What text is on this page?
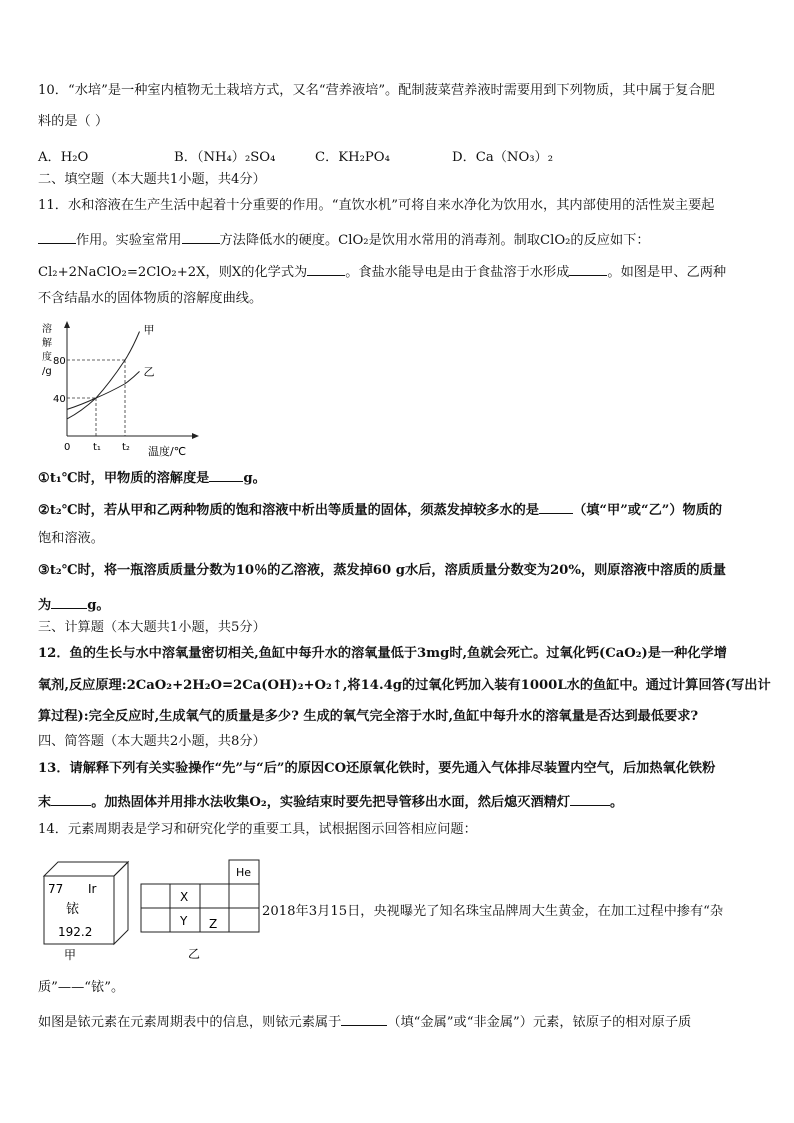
10．“水培”是一种室内植物无土栽培方式，又名“营养液培”。配制菠菜营养液时需要用到下列物质，其中属于复合肥
料的是（ ）
A．H₂O	B．（NH₄）₂SO₄	C．KH₂PO₄	D．Ca（NO₃）₂
二、填空题（本大题共1小题，共4分）
11．水和溶液在生产生活中起着十分重要的作用。“直饮水机”可将自来水净化为饮用水，其内部使用的活性炭主要起
作用。实验室常用	方法降低水的硬度。ClO₂是饮用水常用的消毒剂。制取ClO₂的反应如下：
Cl₂+2NaClO₂=2ClO₂+2X，则X的化学式为	。食盐水能导电是由于食盐溶于水形成	。如图是甲、乙两种
不含结晶水的固体物质的溶解度曲线。
溶
解
度
/g
甲
乙
40
80
0 t₁ t₂ 温度/℃
①t₁℃时，甲物质的溶解度是	g。
②t₂℃时，若从甲和乙两种物质的饱和溶液中析出等质量的固体，须蒸发掉较多水的是	（填“甲”或“乙”）物质的
饱和溶液。
③t₂℃时，将一瓶溶质质量分数为10％的乙溶液，蒸发掉60 g水后，溶质质量分数变为20%，则原溶液中溶质的质量
为	g。
三、计算题（本大题共1小题，共5分）
12．鱼的生长与水中溶氧量密切相关,鱼缸中每升水的溶氧量低于3mg时,鱼就会死亡。过氧化钙(CaO₂)是一种化学增
氧剂,反应原理:2CaO₂+2H₂O=2Ca(OH)₂+O₂↑,将14.4g的过氧化钙加入装有1000L水的鱼缸中。通过计算回答(写出计
算过程):完全反应时,生成氧气的质量是多少? 生成的氧气完全溶于水时,鱼缸中每升水的溶氧量是否达到最低要求?
四、简答题（本大题共2小题，共8分）
13．请解释下列有关实验操作“先”与“后”的原因CO还原氧化铁时，要先通入气体排尽装置内空气，后加热氧化铁粉
末	。加热固体并用排水法收集O₂，实验结束时要先把导管移出水面，然后熄灭酒精灯	。
14．元素周期表是学习和研究化学的重要工具，试根据图示回答相应问题：
77 Ir
铱
192.2
甲
He
X
Y Z
乙
2018年3月15日，央视曝光了知名珠宝品牌周大生黄金，在加工过程中掺有“杂
质”——“铱”。
如图是铱元素在元素周期表中的信息，则铱元素属于	（填“金属”或“非金属”）元素，铱原子的相对原子质
